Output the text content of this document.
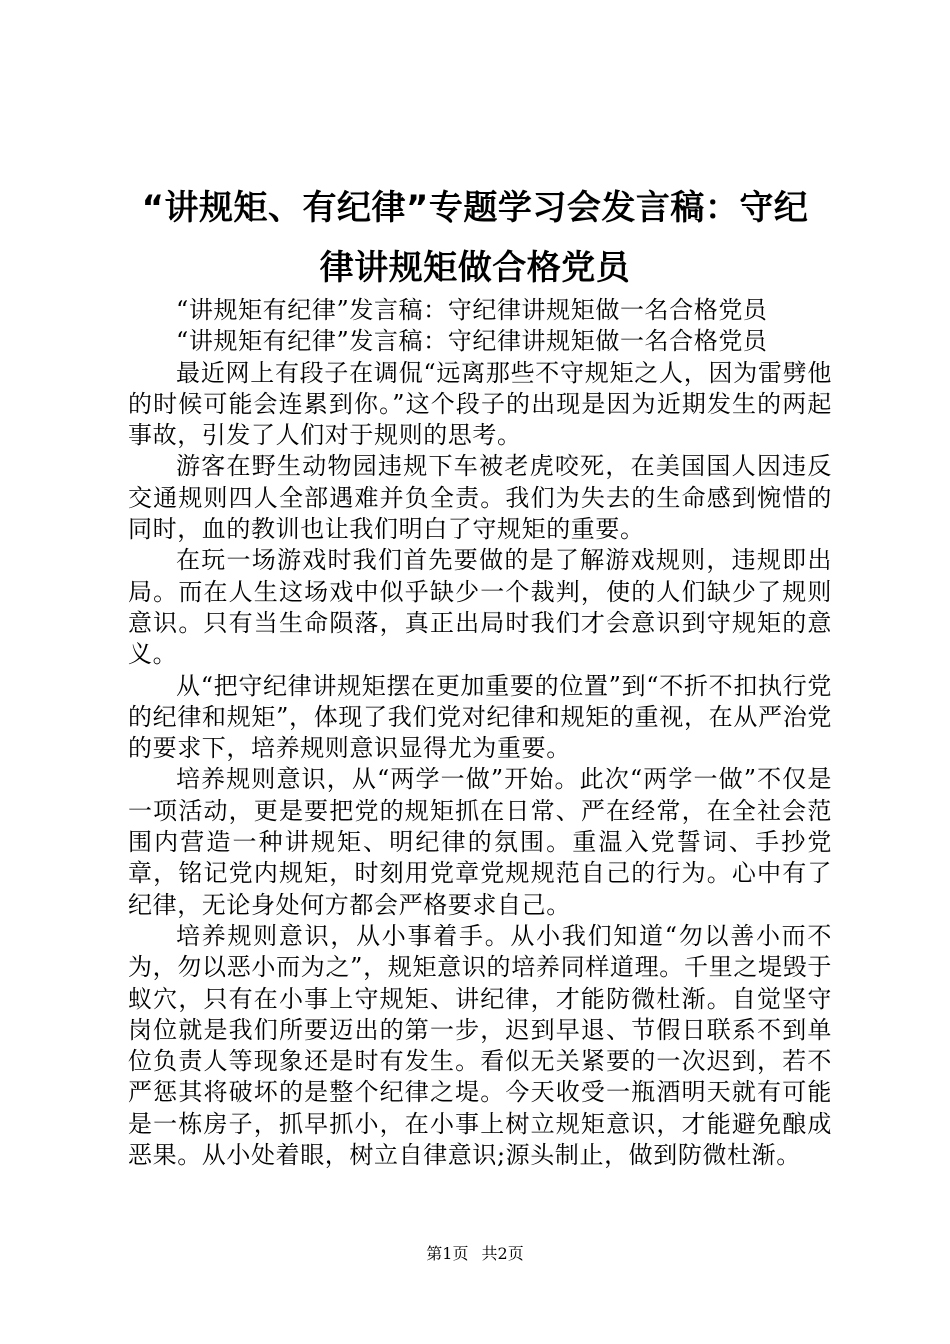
“讲规矩、有纪律”专题学习会发言稿：守纪
律讲规矩做合格党员

“讲规矩有纪律”发言稿：守纪律讲规矩做一名合格党员

“讲规矩有纪律”发言稿：守纪律讲规矩做一名合格党员

最近网上有段子在调侃“远离那些不守规矩之人，因为雷劈他的时候可能会连累到你。”这个段子的出现是因为近期发生的两起事故，引发了人们对于规则的思考。

游客在野生动物园违规下车被老虎咬死，在美国国人因违反交通规则四人全部遇难并负全责。我们为失去的生命感到惋惜的同时，血的教训也让我们明白了守规矩的重要。

在玩一场游戏时我们首先要做的是了解游戏规则，违规即出局。而在人生这场戏中似乎缺少一个裁判，使的人们缺少了规则意识。只有当生命陨落，真正出局时我们才会意识到守规矩的意义。

从“把守纪律讲规矩摆在更加重要的位置”到“不折不扣执行党的纪律和规矩”，体现了我们党对纪律和规矩的重视，在从严治党的要求下，培养规则意识显得尤为重要。

培养规则意识，从“两学一做”开始。此次“两学一做”不仅是一项活动，更是要把党的规矩抓在日常、严在经常，在全社会范围内营造一种讲规矩、明纪律的氛围。重温入党誓词、手抄党章，铭记党内规矩，时刻用党章党规规范自己的行为。心中有了纪律，无论身处何方都会严格要求自己。

培养规则意识，从小事着手。从小我们知道“勿以善小而不为，勿以恶小而为之”，规矩意识的培养同样道理。千里之堤毁于蚁穴，只有在小事上守规矩、讲纪律，才能防微杜渐。自觉坚守岗位就是我们所要迈出的第一步，迟到早退、节假日联系不到单位负责人等现象还是时有发生。看似无关紧要的一次迟到，若不严惩其将破坏的是整个纪律之堤。今天收受一瓶酒明天就有可能是一栋房子，抓早抓小，在小事上树立规矩意识，才能避免酿成恶果。从小处着眼，树立自律意识;源头制止，做到防微杜渐。

第1页 共2页
